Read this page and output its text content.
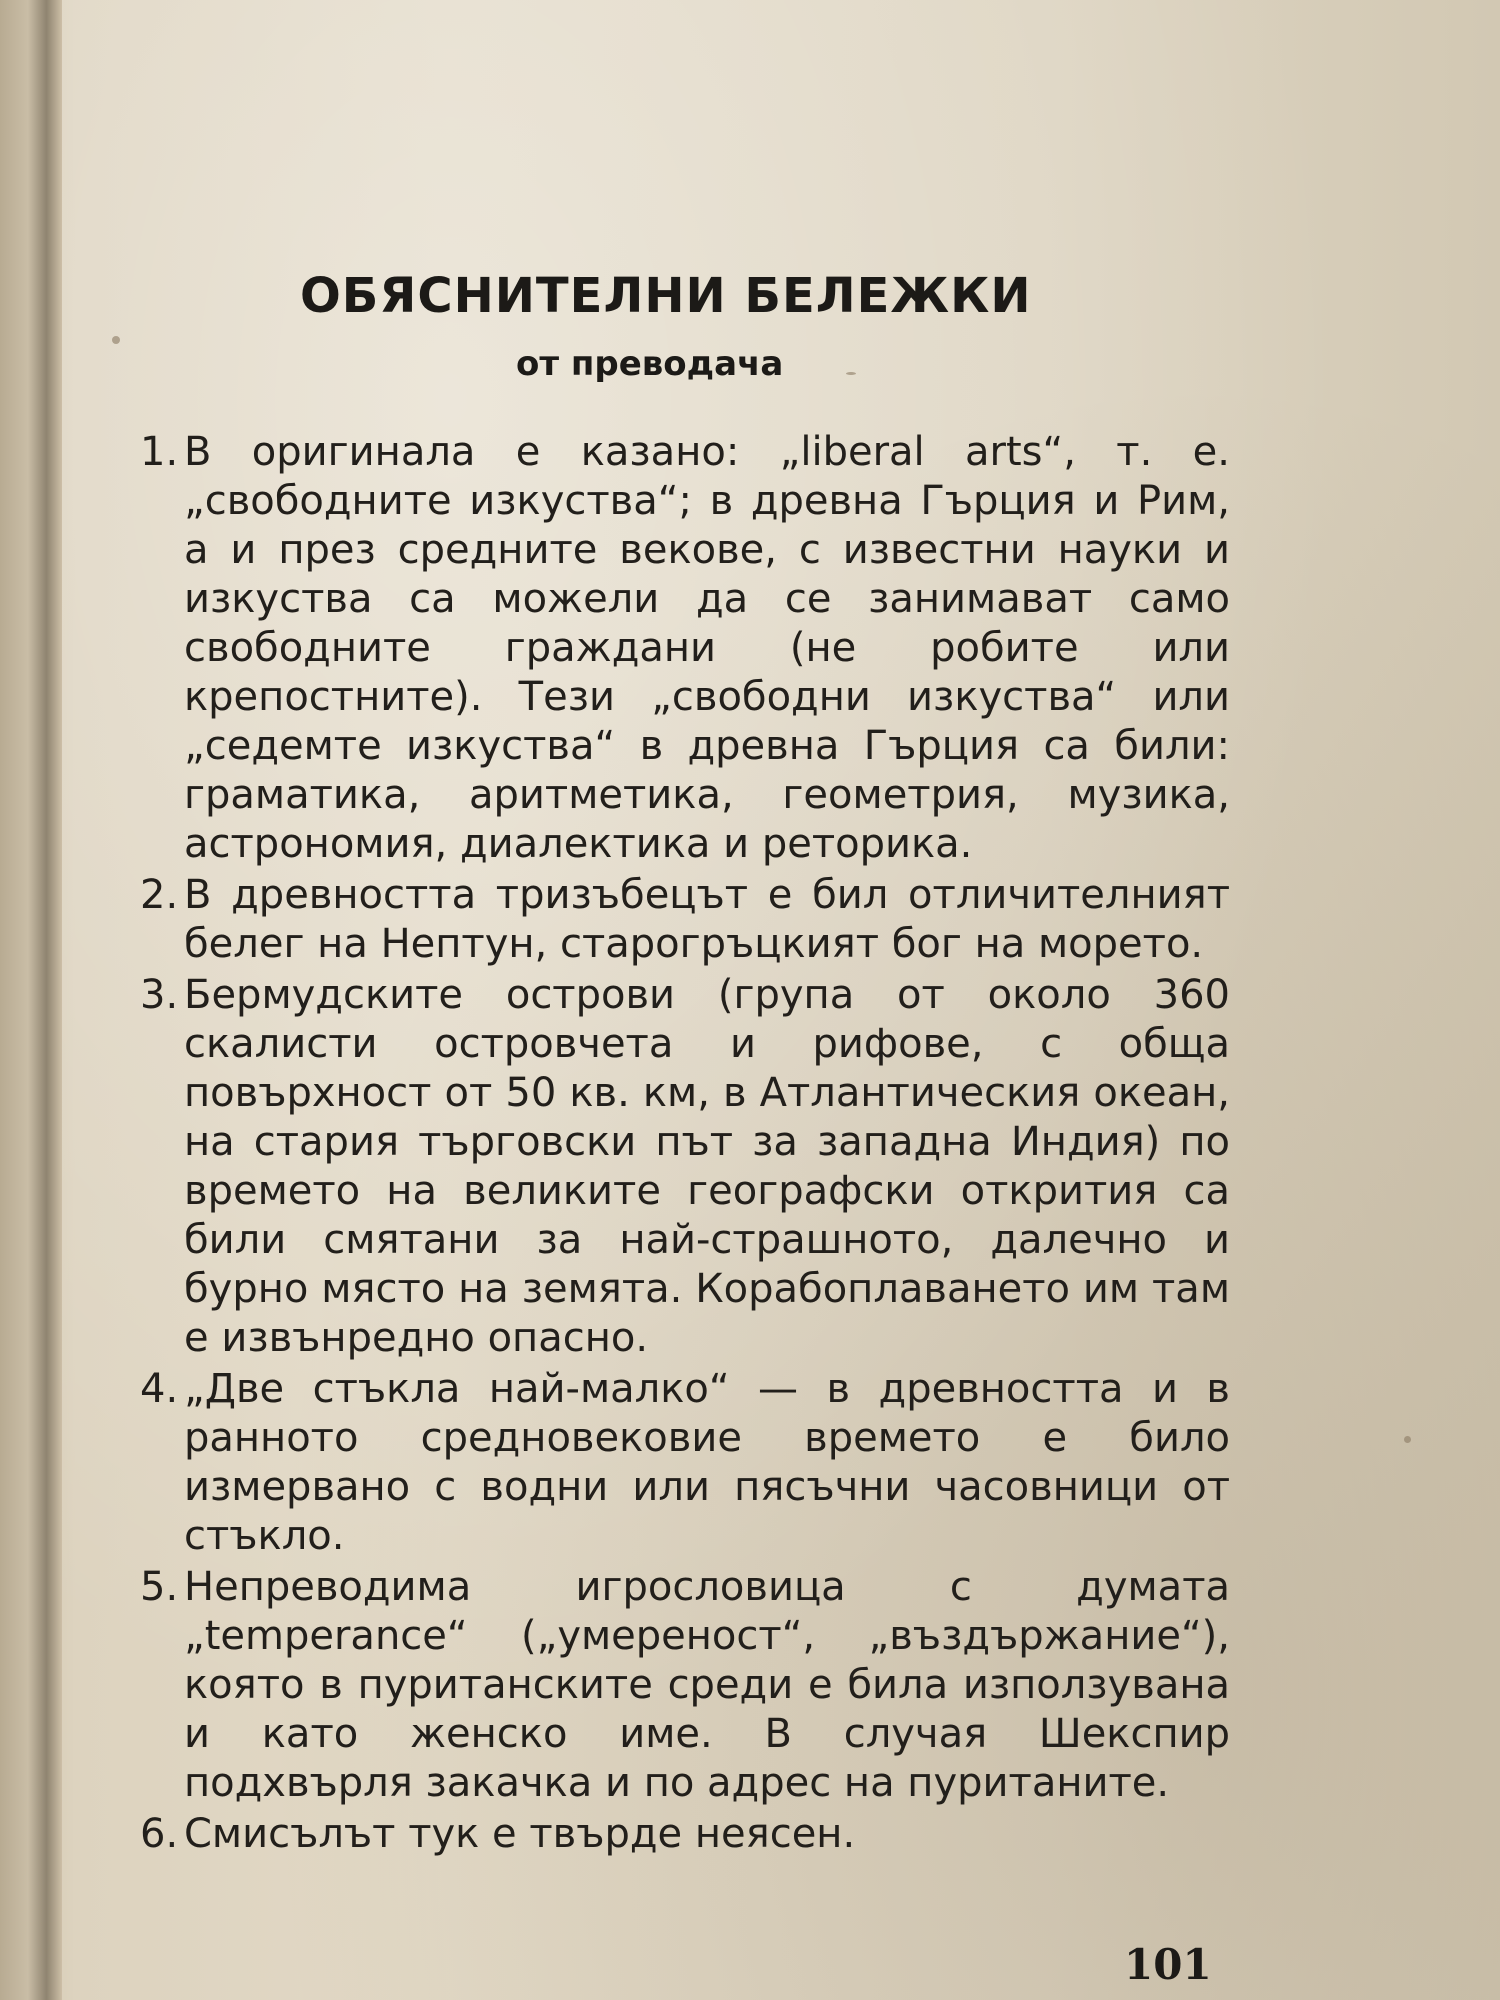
ОБЯСНИТЕЛНИ БЕЛЕЖКИ
от преводача
1. В оригинала е казано: „liberal arts“, т. е. „свободните изкуства“; в древна Гърция и Рим, а и през средните векове, с известни науки и изкуства са можели да се занимават само свободните граждани (не робите или крепостните). Тези „свободни изкуства“ или „седемте изкуства“ в древна Гърция са били: граматика, аритметика, геометрия, музика, астрономия, диалектика и реторика.
2. В древността тризъбецът е бил отличителният белег на Нептун, старогръцкият бог на морето.
3. Бермудските острови (група от около 360 скалисти островчета и рифове, с обща повърхност от 50 кв. км, в Атлантическия океан, на стария търговски път за западна Индия) по времето на великите географски открития са били смятани за най-страшното, далечно и бурно място на земята. Корабоплаването им там е извънредно опасно.
4. „Две стъкла най-малко“ — в древността и в ранното средновековие времето е било измервано с водни или пясъчни часовници от стъкло.
5. Непреводима игрословица с думата „temperance“ („умереност“, „въздържание“), която в пуританските среди е била използувана и като женско име. В случая Шекспир подхвърля закачка и по адрес на пуританите.
6. Смисълът тук е твърде неясен.
101
